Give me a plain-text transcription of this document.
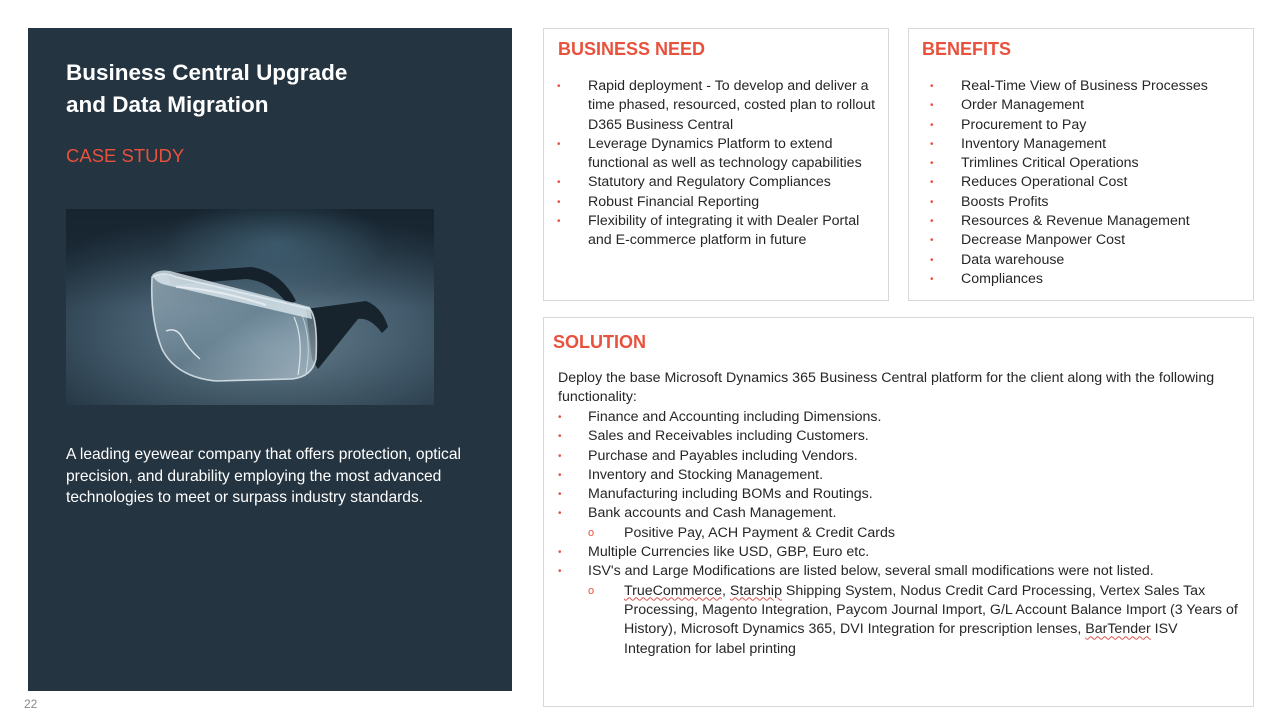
Business Central Upgrade
and Data Migration
CASE STUDY
A leading eyewear company that offers protection, optical precision, and durability employing the most advanced technologies to meet or surpass industry standards.
22
BUSINESS NEED
• Rapid deployment - To develop and deliver a time phased, resourced, costed plan to rollout D365 Business Central
• Leverage Dynamics Platform to extend functional as well as technology capabilities
• Statutory and Regulatory Compliances
• Robust Financial Reporting
• Flexibility of integrating it with Dealer Portal and E-commerce platform in future
BENEFITS
• Real-Time View of Business Processes
• Order Management
• Procurement to Pay
• Inventory Management
• Trimlines Critical Operations
• Reduces Operational Cost
• Boosts Profits
• Resources & Revenue Management
• Decrease Manpower Cost
• Data warehouse
• Compliances
SOLUTION
Deploy the base Microsoft Dynamics 365 Business Central platform for the client along with the following functionality:
• Finance and Accounting including Dimensions.
• Sales and Receivables including Customers.
• Purchase and Payables including Vendors.
• Inventory and Stocking Management.
• Manufacturing including BOMs and Routings.
• Bank accounts and Cash Management.
o Positive Pay, ACH Payment & Credit Cards
• Multiple Currencies like USD, GBP, Euro etc.
• ISV's and Large Modifications are listed below, several small modifications were not listed.
o TrueCommerce, Starship Shipping System, Nodus Credit Card Processing, Vertex Sales Tax Processing, Magento Integration, Paycom Journal Import, G/L Account Balance Import (3 Years of History), Microsoft Dynamics 365, DVI Integration for prescription lenses, BarTender ISV Integration for label printing
